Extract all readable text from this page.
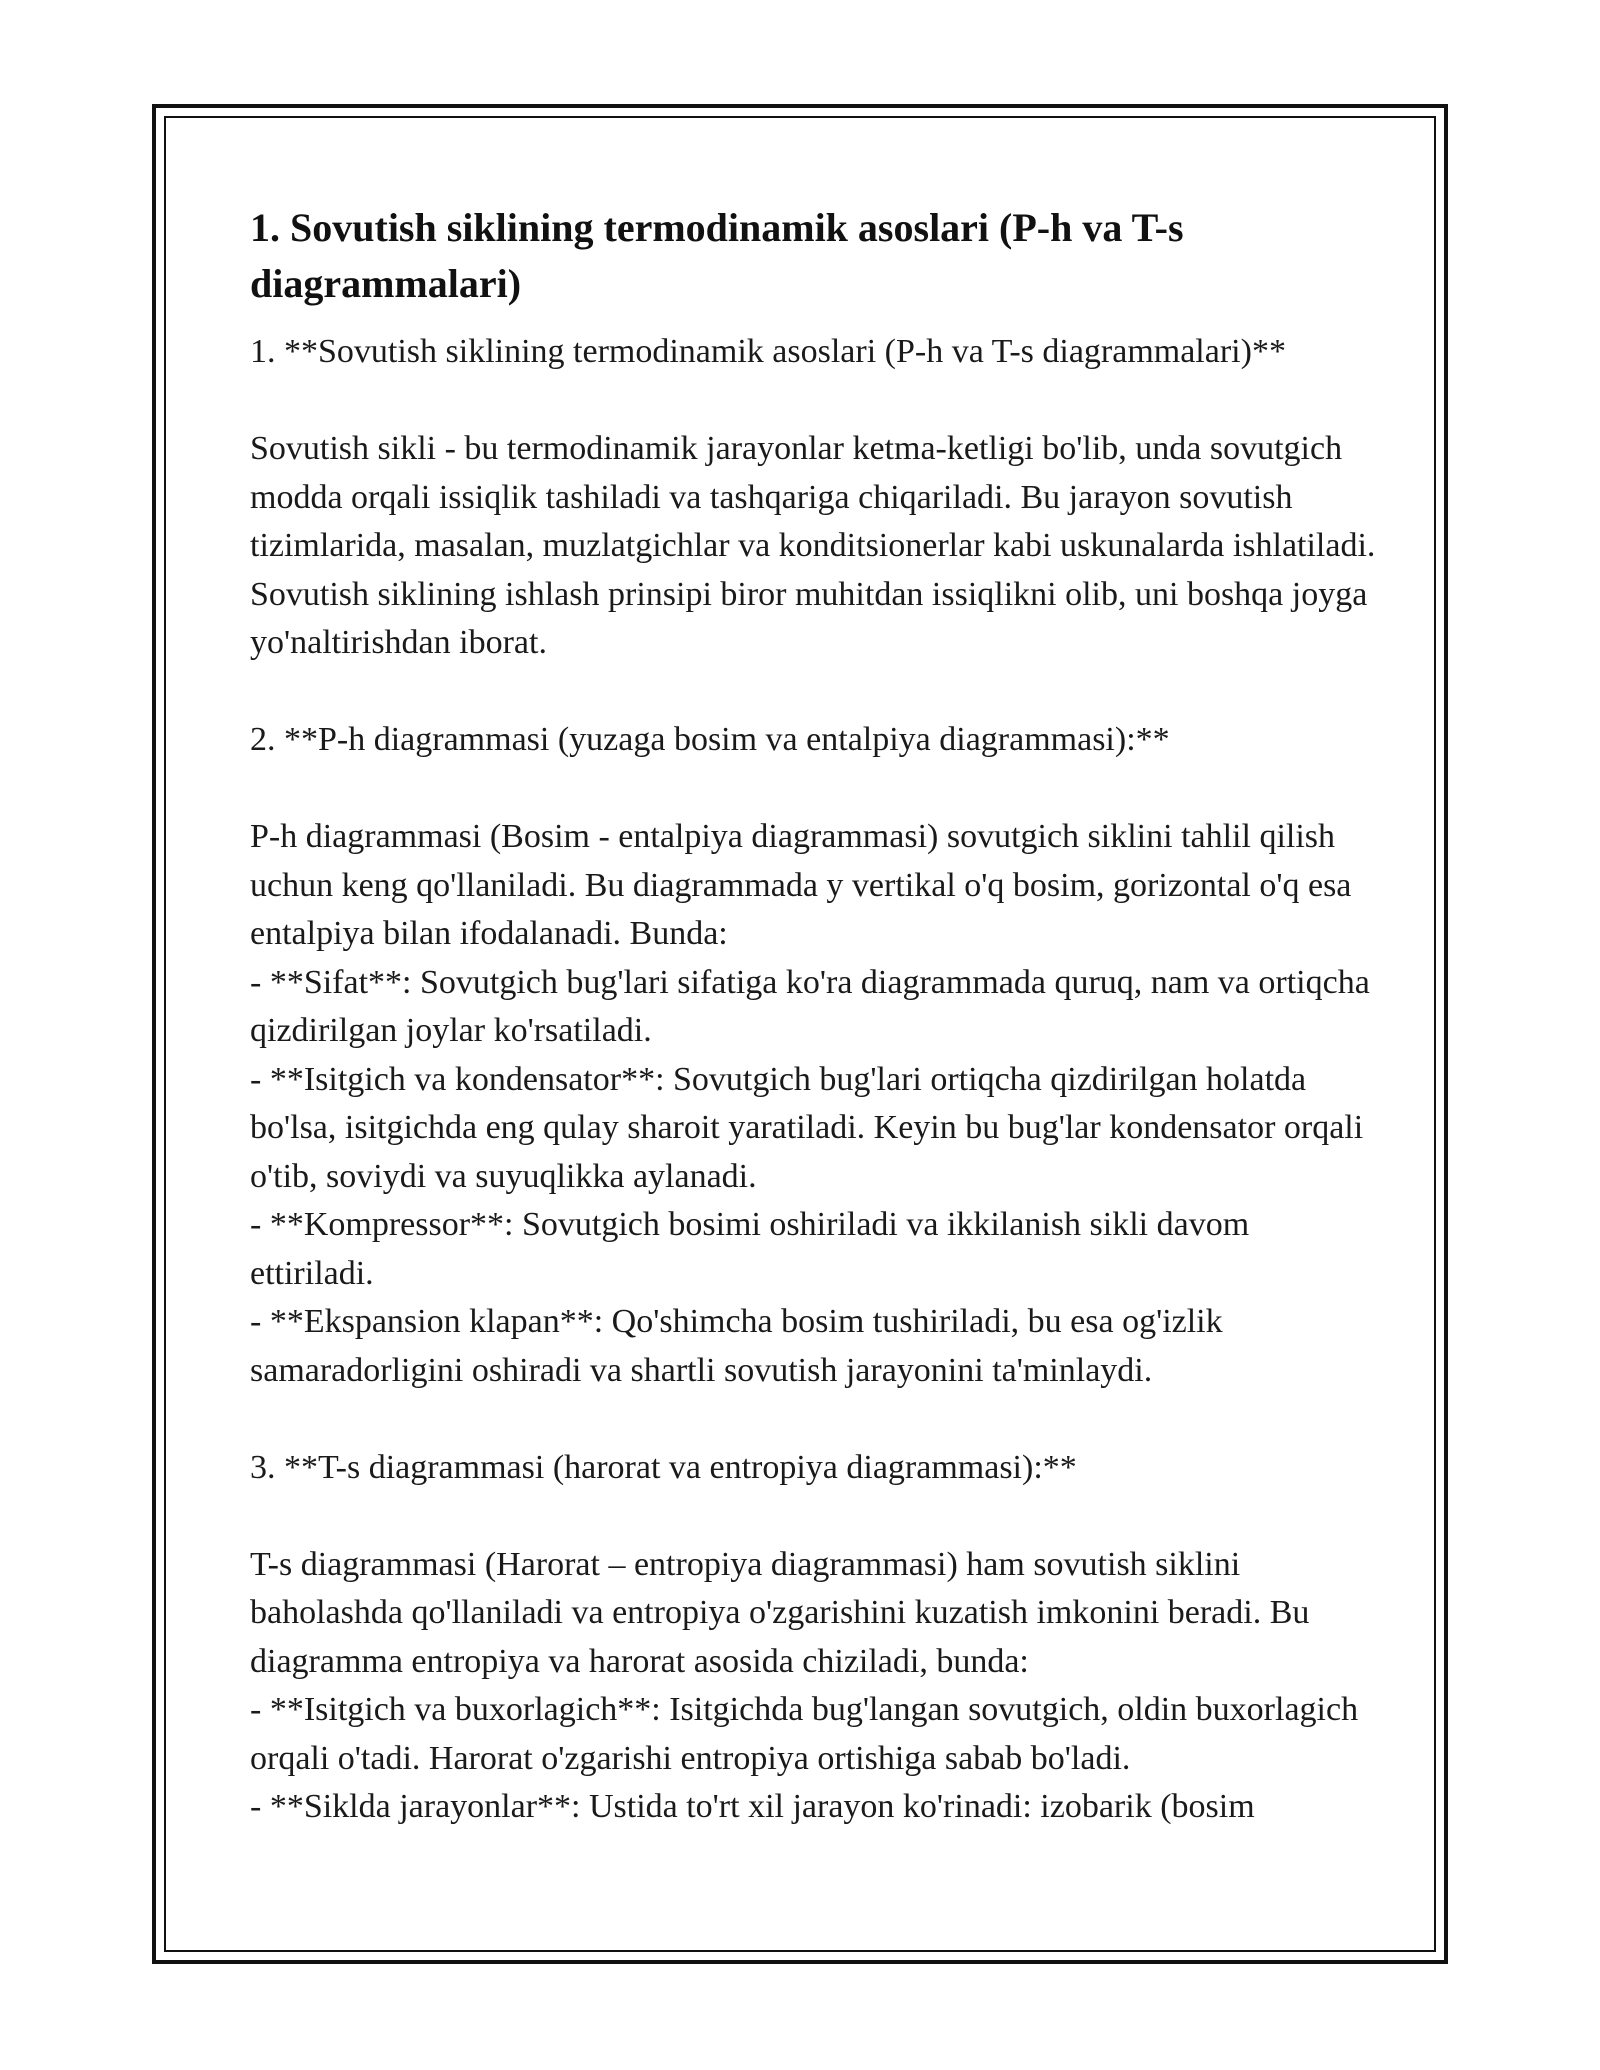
1. Sovutish siklining termodinamik asoslari (P-h va T-s diagrammalari)

1. **Sovutish siklining termodinamik asoslari (P-h va T-s diagrammalari)**

Sovutish sikli - bu termodinamik jarayonlar ketma-ketligi bo'lib, unda sovutgich modda orqali issiqlik tashiladi va tashqariga chiqariladi. Bu jarayon sovutish tizimlarida, masalan, muzlatgichlar va konditsionerlar kabi uskunalarda ishlatiladi. Sovutish siklining ishlash prinsipi biror muhitdan issiqlikni olib, uni boshqa joyga yo'naltirishdan iborat.

2. **P-h diagrammasi (yuzaga bosim va entalpiya diagrammasi):**

P-h diagrammasi (Bosim - entalpiya diagrammasi) sovutgich siklini tahlil qilish uchun keng qo'llaniladi. Bu diagrammada y vertikal o'q bosim, gorizontal o'q esa entalpiya bilan ifodalanadi. Bunda:

- **Sifat**: Sovutgich bug'lari sifatiga ko'ra diagrammada quruq, nam va ortiqcha qizdirilgan joylar ko'rsatiladi.

- **Isitgich va kondensator**: Sovutgich bug'lari ortiqcha qizdirilgan holatda bo'lsa, isitgichda eng qulay sharoit yaratiladi. Keyin bu bug'lar kondensator orqali o'tib, soviydi va suyuqlikka aylanadi.

- **Kompressor**: Sovutgich bosimi oshiriladi va ikkilanish sikli davom ettiriladi.

- **Ekspansion klapan**: Qo'shimcha bosim tushiriladi, bu esa og'izlik samaradorligini oshiradi va shartli sovutish jarayonini ta'minlaydi.

3. **T-s diagrammasi (harorat va entropiya diagrammasi):**

T-s diagrammasi (Harorat – entropiya diagrammasi) ham sovutish siklini baholashda qo'llaniladi va entropiya o'zgarishini kuzatish imkonini beradi. Bu diagramma entropiya va harorat asosida chiziladi, bunda:

- **Isitgich va buxorlagich**: Isitgichda bug'langan sovutgich, oldin buxorlagich orqali o'tadi. Harorat o'zgarishi entropiya ortishiga sabab bo'ladi.

- **Siklda jarayonlar**: Ustida to'rt xil jarayon ko'rinadi: izobarik (bosim
